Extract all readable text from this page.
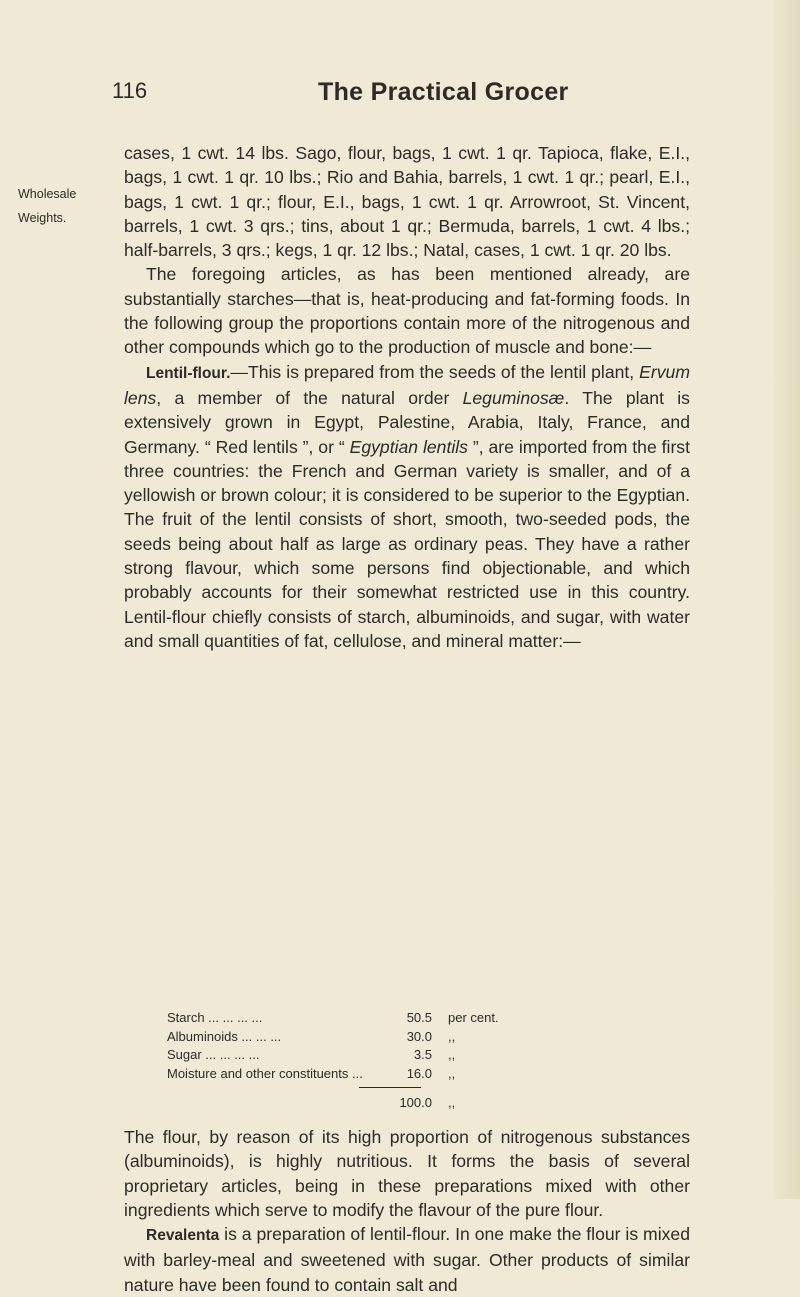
116	The Practical Grocer
Wholesale
Weights.

cases, 1 cwt. 14 lbs. Sago, flour, bags, 1 cwt. 1 qr. Tapioca, flake, E.I., bags, 1 cwt. 1 qr. 10 lbs.; Rio and Bahia, barrels, 1 cwt. 1 qr.; pearl, E.I., bags, 1 cwt. 1 qr.; flour, E.I., bags, 1 cwt. 1 qr. Arrowroot, St. Vincent, barrels, 1 cwt. 3 qrs.; tins, about 1 qr.; Bermuda, barrels, 1 cwt. 4 lbs.; half-barrels, 3 qrs.; kegs, 1 qr. 12 lbs.; Natal, cases, 1 cwt. 1 qr. 20 lbs.

The foregoing articles, as has been mentioned already, are substantially starches—that is, heat-producing and fat-forming foods. In the following group the proportions contain more of the nitrogenous and other compounds which go to the production of muscle and bone:—

Lentil-flour.—This is prepared from the seeds of the lentil plant, Ervum lens, a member of the natural order Leguminosæ. The plant is extensively grown in Egypt, Palestine, Arabia, Italy, France, and Germany. “ Red lentils ”, or “ Egyptian lentils ”, are imported from the first three countries: the French and German variety is smaller, and of a yellowish or brown colour; it is considered to be superior to the Egyptian. The fruit of the lentil consists of short, smooth, two-seeded pods, the seeds being about half as large as ordinary peas. They have a rather strong flavour, which some persons find objectionable, and which probably accounts for their somewhat restricted use in this country. Lentil-flour chiefly consists of starch, albuminoids, and sugar, with water and small quantities of fat, cellulose, and mineral matter:—

Starch ... ... ... ...	50.5	per cent.
Albuminoids ... ... ...	30.0	,,
Sugar ... ... ... ...	3.5	,,
Moisture and other constituents ...	16.0	,,
100.0	,,

The flour, by reason of its high proportion of nitrogenous substances (albuminoids), is highly nutritious. It forms the basis of several proprietary articles, being in these preparations mixed with other ingredients which serve to modify the flavour of the pure flour.

Revalenta is a preparation of lentil-flour. In one make the flour is mixed with barley-meal and sweetened with sugar. Other products of similar nature have been found to contain salt and
